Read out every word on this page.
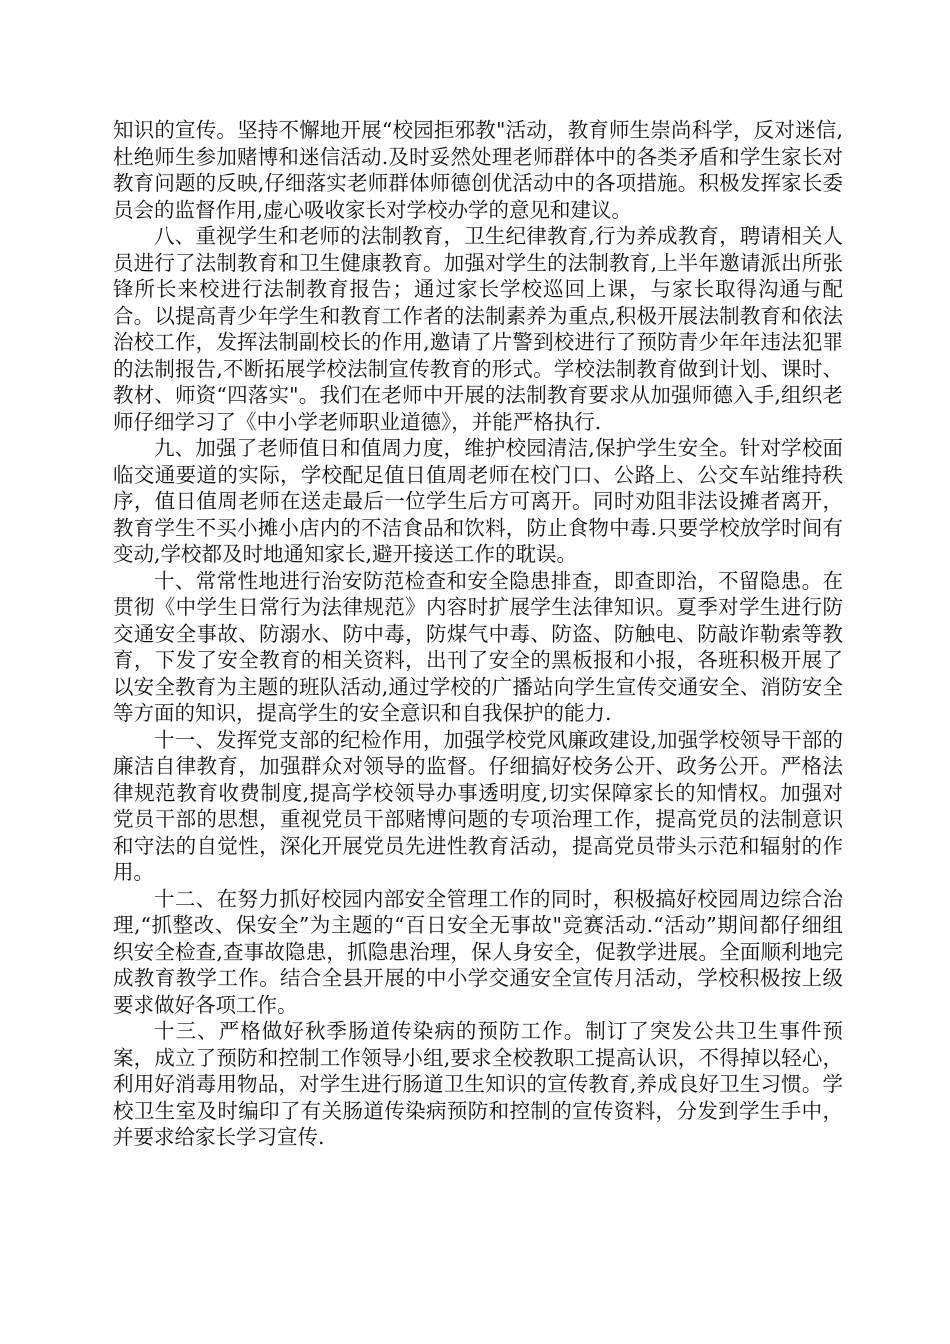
知识的宣传。坚持不懈地开展“校园拒邪教"活动，教育师生崇尚科学，反对迷信,杜绝师生参加赌博和迷信活动.及时妥然处理老师群体中的各类矛盾和学生家长对教育问题的反映,仔细落实老师群体师德创优活动中的各项措施。积极发挥家长委员会的监督作用,虚心吸收家长对学校办学的意见和建议。

八、重视学生和老师的法制教育，卫生纪律教育,行为养成教育，聘请相关人员进行了法制教育和卫生健康教育。加强对学生的法制教育,上半年邀请派出所张锋所长来校进行法制教育报告；通过家长学校巡回上课，与家长取得沟通与配合。以提高青少年学生和教育工作者的法制素养为重点,积极开展法制教育和依法治校工作，发挥法制副校长的作用,邀请了片警到校进行了预防青少年年违法犯罪的法制报告,不断拓展学校法制宣传教育的形式。学校法制教育做到计划、课时、教材、师资“四落实"。我们在老师中开展的法制教育要求从加强师德入手,组织老师仔细学习了《中小学老师职业道德》，并能严格执行.

九、加强了老师值日和值周力度，维护校园清洁,保护学生安全。针对学校面临交通要道的实际，学校配足值日值周老师在校门口、公路上、公交车站维持秩序，值日值周老师在送走最后一位学生后方可离开。同时劝阻非法设摊者离开，教育学生不买小摊小店内的不洁食品和饮料，防止食物中毒.只要学校放学时间有变动,学校都及时地通知家长,避开接送工作的耽误。

十、常常性地进行治安防范检查和安全隐患排查，即查即治，不留隐患。在贯彻《中学生日常行为法律规范》内容时扩展学生法律知识。夏季对学生进行防交通安全事故、防溺水、防中毒，防煤气中毒、防盗、防触电、防敲诈勒索等教育，下发了安全教育的相关资料，出刊了安全的黑板报和小报，各班积极开展了以安全教育为主题的班队活动,通过学校的广播站向学生宣传交通安全、消防安全等方面的知识，提高学生的安全意识和自我保护的能力.

十一、发挥党支部的纪检作用，加强学校党风廉政建设,加强学校领导干部的廉洁自律教育，加强群众对领导的监督。仔细搞好校务公开、政务公开。严格法律规范教育收费制度,提高学校领导办事透明度,切实保障家长的知情权。加强对党员干部的思想，重视党员干部赌博问题的专项治理工作，提高党员的法制意识和守法的自觉性，深化开展党员先进性教育活动，提高党员带头示范和辐射的作用。

十二、在努力抓好校园内部安全管理工作的同时，积极搞好校园周边综合治理,“抓整改、保安全”为主题的“百日安全无事故"竞赛活动.“活动”期间都仔细组织安全检查,查事故隐患，抓隐患治理，保人身安全，促教学进展。全面顺利地完成教育教学工作。结合全县开展的中小学交通安全宣传月活动，学校积极按上级要求做好各项工作。

十三、严格做好秋季肠道传染病的预防工作。制订了突发公共卫生事件预案，成立了预防和控制工作领导小组,要求全校教职工提高认识，不得掉以轻心，利用好消毒用物品，对学生进行肠道卫生知识的宣传教育,养成良好卫生习惯。学校卫生室及时编印了有关肠道传染病预防和控制的宣传资料，分发到学生手中，并要求给家长学习宣传.
